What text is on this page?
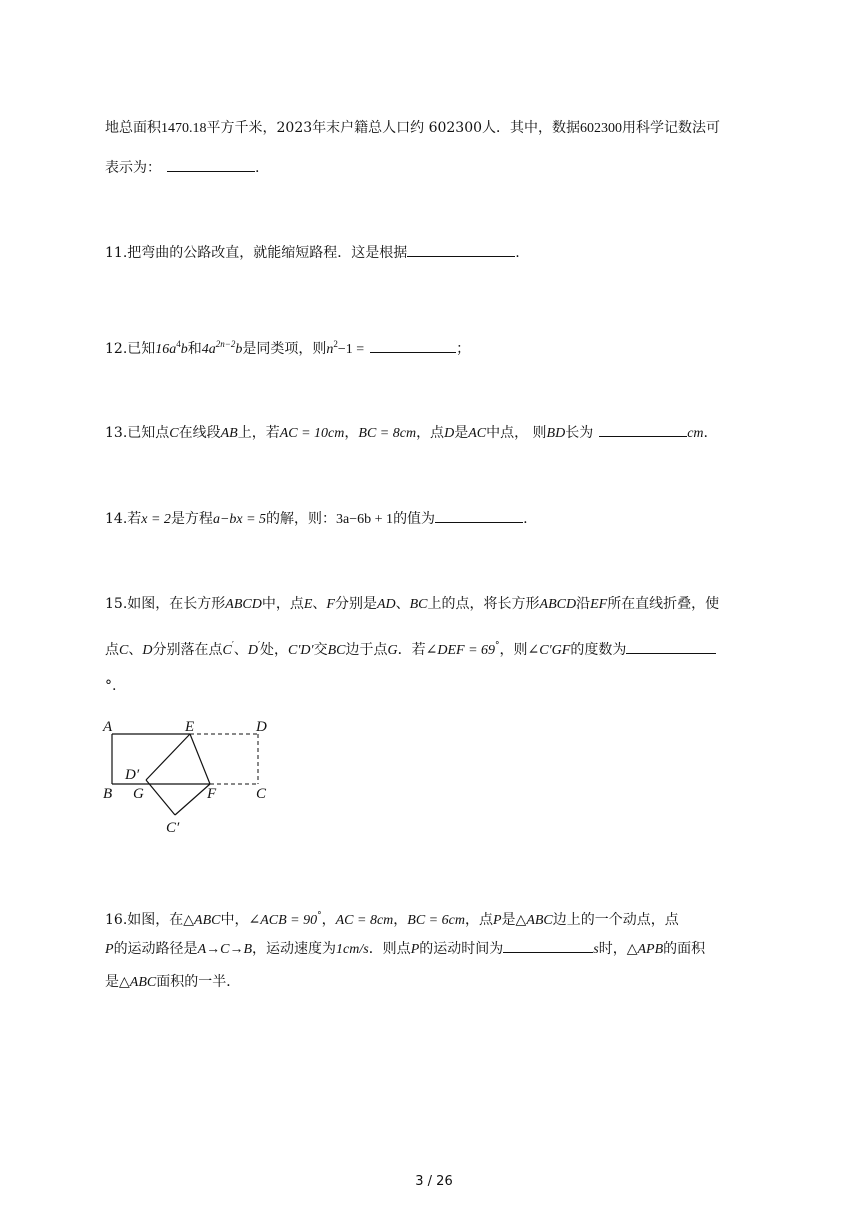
地总面积1470.18平方千米，2023年末户籍总人口约 602300人．其中，数据602300用科学记数法可
表示为：	.
11.把弯曲的公路改直，就能缩短路程．这是根据	.
12.已知$16a^4b$和$4a^{2n-2}b$是同类项，则$n^2-1$ =	；
13.已知点C在线段AB上，若AC = 10cm，BC = 8cm，点D是AC中点， 则BD长为	cm.
14.若x = 2是方程a−bx = 5的解，则：3a−6b + 1的值为	.
15.如图，在长方形ABCD中，点E、F分别是AD、BC上的点，将长方形ABCD沿EF所在直线折叠，使
点C、D分别落在点C′、D′处，C′D′交BC边于点G．若∠DEF = 69°，则∠C′GF的度数为
°.
A	E	D
D′
B G	F	C
C′
16.如图，在△ABC中，∠ACB = 90°，AC = 8cm，BC = 6cm，点P是△ABC边上的一个动点，点
P的运动路径是A→C→B，运动速度为1cm/s．则点P的运动时间为	s时，△APB的面积
是△ABC面积的一半．
3 / 26
